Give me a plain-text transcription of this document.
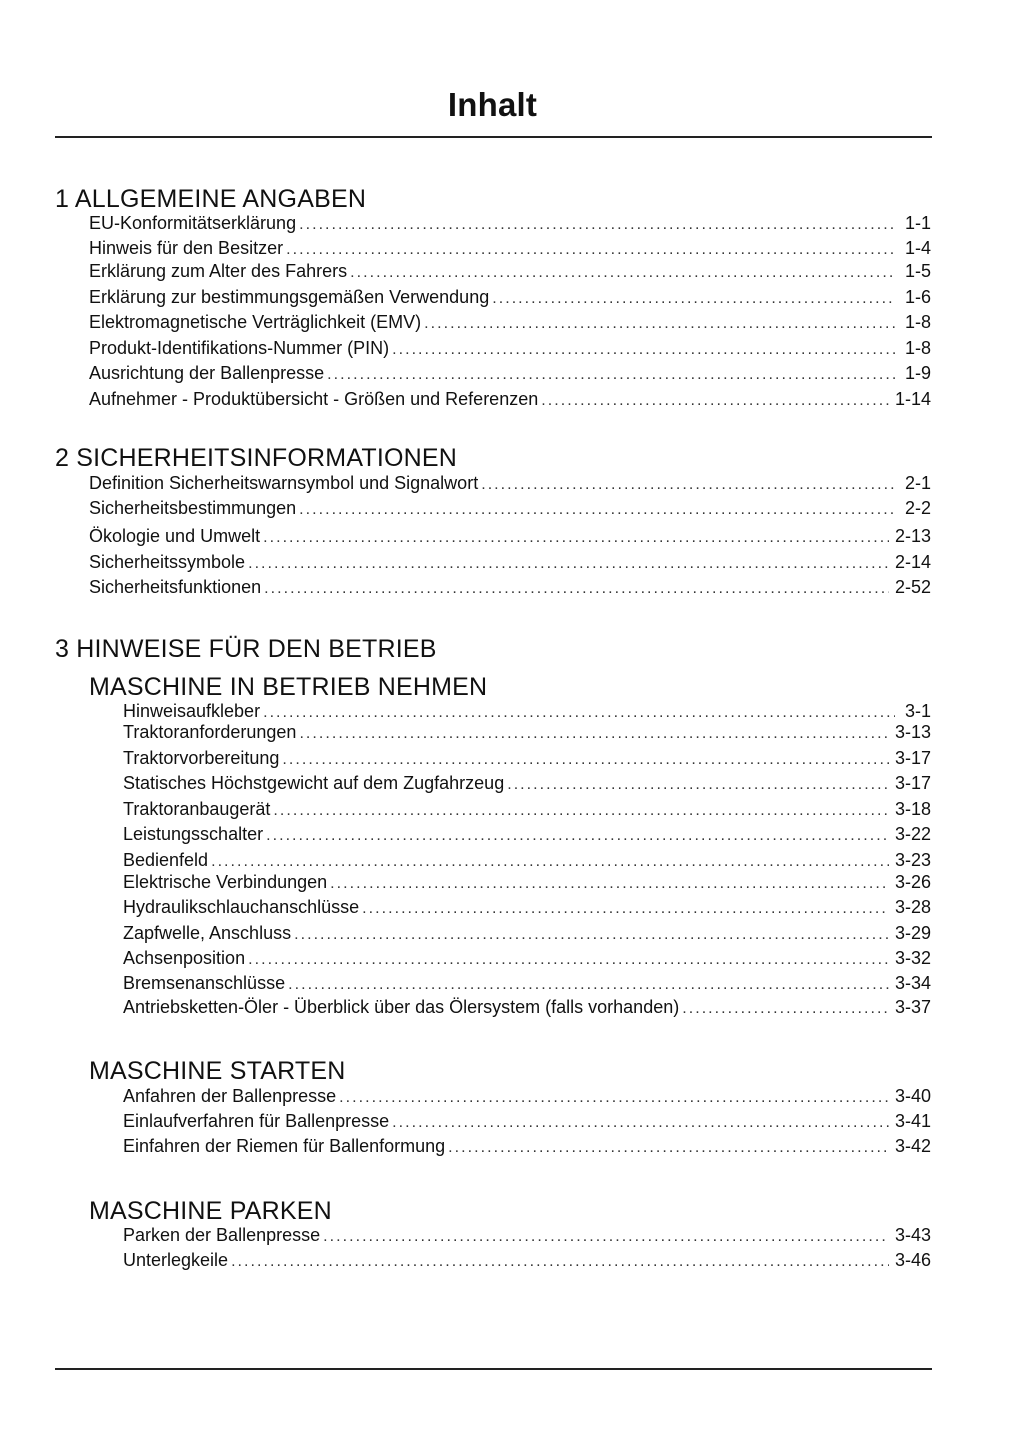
Inhalt
1 ALLGEMEINE ANGABEN
EU-Konformitätserklärung . . .	1-1
Hinweis für den Besitzer . . .	1-4
Erklärung zum Alter des Fahrers . . .	1-5
Erklärung zur bestimmungsgemäßen Verwendung . . .	1-6
Elektromagnetische Verträglichkeit (EMV) . . .	1-8
Produkt-Identifikations-Nummer (PIN) . . .	1-8
Ausrichtung der Ballenpresse . . .	1-9
Aufnehmer - Produktübersicht - Größen und Referenzen . . .	1-14
2 SICHERHEITSINFORMATIONEN
Definition Sicherheitswarnsymbol und Signalwort . . .	2-1
Sicherheitsbestimmungen . . .	2-2
Ökologie und Umwelt . . .	2-13
Sicherheitssymbole . . .	2-14
Sicherheitsfunktionen . . .	2-52
3 HINWEISE FÜR DEN BETRIEB
MASCHINE IN BETRIEB NEHMEN
Hinweisaufkleber . . .	3-1
Traktoranforderungen . . .	3-13
Traktorvorbereitung . . .	3-17
Statisches Höchstgewicht auf dem Zugfahrzeug . . .	3-17
Traktoranbaugerät . . .	3-18
Leistungsschalter . . .	3-22
Bedienfeld . . .	3-23
Elektrische Verbindungen . . .	3-26
Hydraulikschlauchanschlüsse . . .	3-28
Zapfwelle, Anschluss . . .	3-29
Achsenposition . . .	3-32
Bremsenanschlüsse . . .	3-34
Antriebsketten-Öler - Überblick über das Ölersystem (falls vorhanden) . . .	3-37
MASCHINE STARTEN
Anfahren der Ballenpresse . . .	3-40
Einlaufverfahren für Ballenpresse . . .	3-41
Einfahren der Riemen für Ballenformung . . .	3-42
MASCHINE PARKEN
Parken der Ballenpresse . . .	3-43
Unterlegkeile . . .	3-46
